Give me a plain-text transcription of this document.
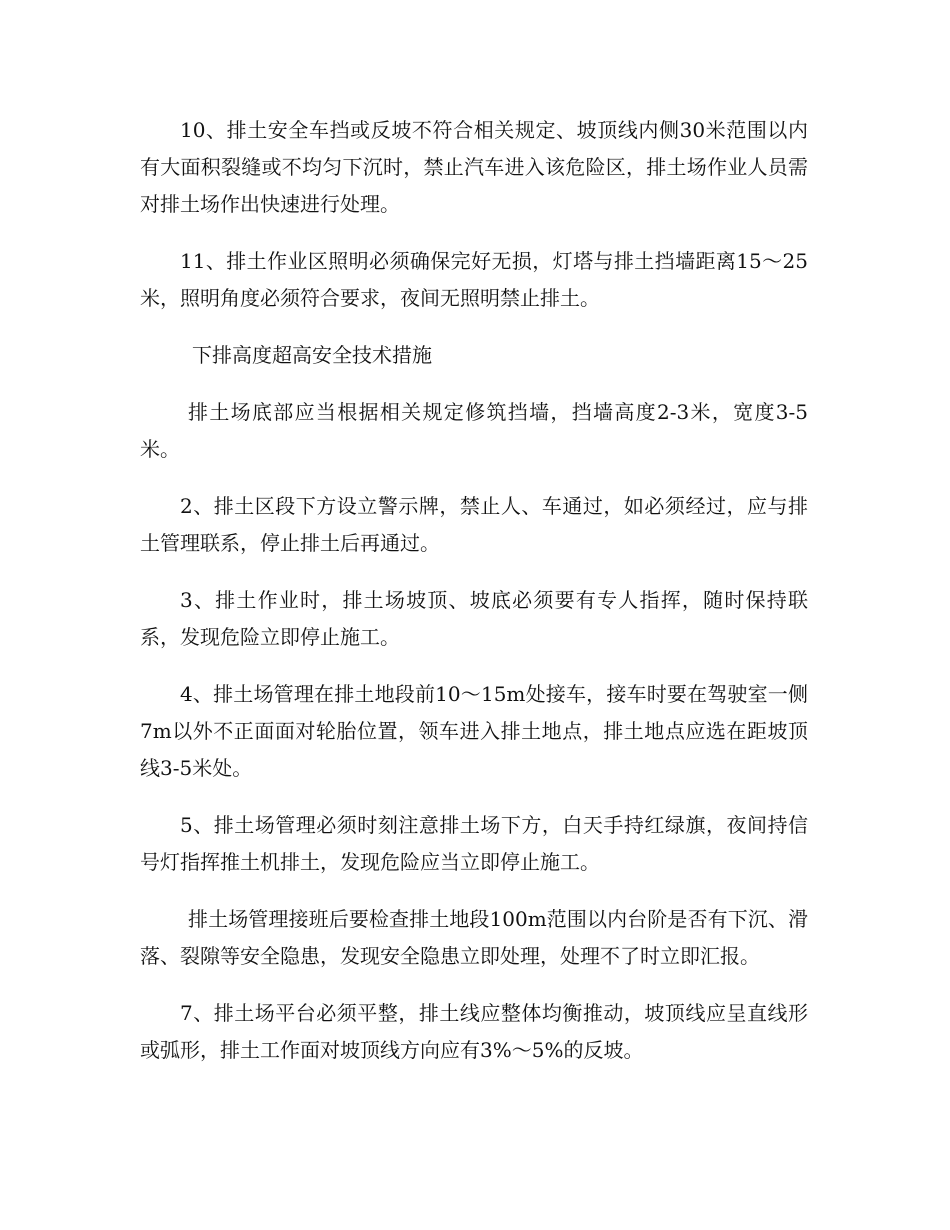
10、排土安全车挡或反坡不符合相关规定、坡顶线内侧30米范围以内有大面积裂缝或不均匀下沉时，禁止汽车进入该危险区，排土场作业人员需对排土场作出快速进行处理。

11、排土作业区照明必须确保完好无损，灯塔与排土挡墙距离15～25米，照明角度必须符合要求，夜间无照明禁止排土。

下排高度超高安全技术措施

排土场底部应当根据相关规定修筑挡墙，挡墙高度2-3米，宽度3-5米。

2、排土区段下方设立警示牌，禁止人、车通过，如必须经过，应与排土管理联系，停止排土后再通过。

3、排土作业时，排土场坡顶、坡底必须要有专人指挥，随时保持联系，发现危险立即停止施工。

4、排土场管理在排土地段前10～15m处接车，接车时要在驾驶室一侧7m以外不正面面对轮胎位置，领车进入排土地点，排土地点应选在距坡顶线3-5米处。

5、排土场管理必须时刻注意排土场下方，白天手持红绿旗，夜间持信号灯指挥推土机排土，发现危险应当立即停止施工。

排土场管理接班后要检查排土地段100m范围以内台阶是否有下沉、滑落、裂隙等安全隐患，发现安全隐患立即处理，处理不了时立即汇报。

7、排土场平台必须平整，排土线应整体均衡推动，坡顶线应呈直线形或弧形，排土工作面对坡顶线方向应有3%～5%的反坡。
